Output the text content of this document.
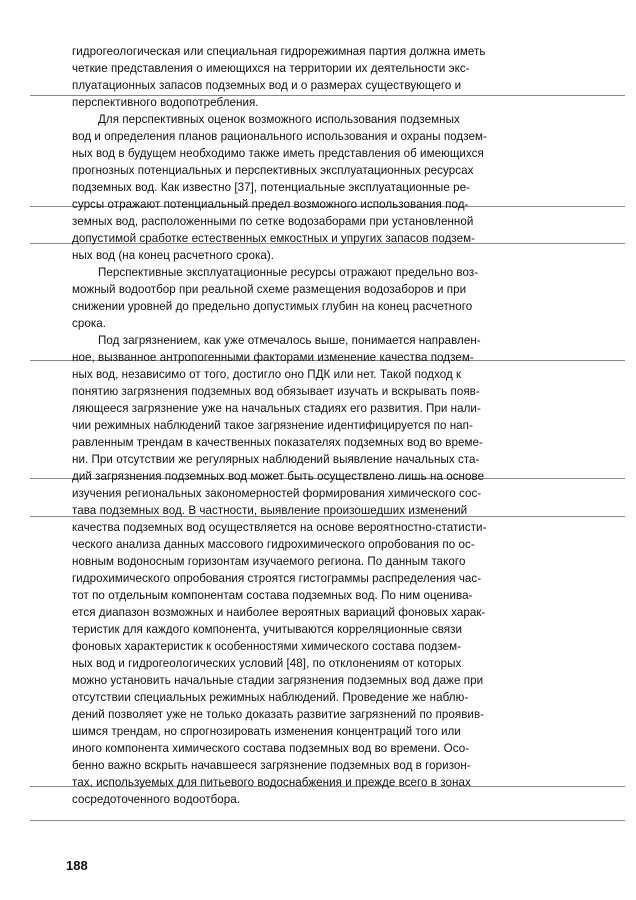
гидрогеологическая или специальная гидрорежимная партия должна иметь
четкие представления о имеющихся на территории их деятельности экс-
плуатационных запасов подземных вод и о размерах существующего и
перспективного водопотребления.
Для перспективных оценок возможного использования подземных
вод и определения планов рационального использования и охраны подзем-
ных вод в будущем необходимо также иметь представления об имеющихся
прогнозных потенциальных и перспективных эксплуатационных ресурсах
подземных вод. Как известно [37], потенциальные эксплуатационные ре-
сурсы отражают потенциальный предел возможного использования под-
земных вод, расположенными по сетке водозаборами при установленной
допустимой сработке естественных емкостных и упругих запасов подзем-
ных вод (на конец расчетного срока).
Перспективные эксплуатационные ресурсы отражают предельно воз-
можный водоотбор при реальной схеме размещения водозаборов и при
снижении уровней до предельно допустимых глубин на конец расчетного
срока.
Под загрязнением, как уже отмечалось выше, понимается направлен-
ное, вызванное антропогенными факторами изменение качества подзем-
ных вод, независимо от того, достигло оно ПДК или нет. Такой подход к
понятию загрязнения подземных вод обязывает изучать и вскрывать появ-
ляющееся загрязнение уже на начальных стадиях его развития. При нали-
чии режимных наблюдений такое загрязнение идентифицируется по нап-
равленным трендам в качественных показателях подземных вод во време-
ни. При отсутствии же регулярных наблюдений выявление начальных ста-
дий загрязнения подземных вод может быть осуществлено лишь на основе
изучения региональных закономерностей формирования химического сос-
тава подземных вод. В частности, выявление произошедших изменений
качества подземных вод осуществляется на основе вероятностно-статисти-
ческого анализа данных массового гидрохимического опробования по ос-
новным водоносным горизонтам изучаемого региона. По данным такого
гидрохимического опробования строятся гистограммы распределения час-
тот по отдельным компонентам состава подземных вод. По ним оценива-
ется диапазон возможных и наиболее вероятных вариаций фоновых харак-
теристик для каждого компонента, учитываются корреляционные связи
фоновых характеристик к особенностями химического состава подзем-
ных вод и гидрогеологических условий [48], по отклонениям от которых
можно установить начальные стадии загрязнения подземных вод даже при
отсутствии специальных режимных наблюдений. Проведение же наблю-
дений позволяет уже не только доказать развитие загрязнений по проявив-
шимся трендам, но спрогнозировать изменения концентраций того или
иного компонента химического состава подземных вод во времени. Осо-
бенно важно вскрыть начавшееся загрязнение подземных вод в горизон-
тах, используемых для питьевого водоснабжения и прежде всего в зонах
сосредоточенного водоотбора.
188
